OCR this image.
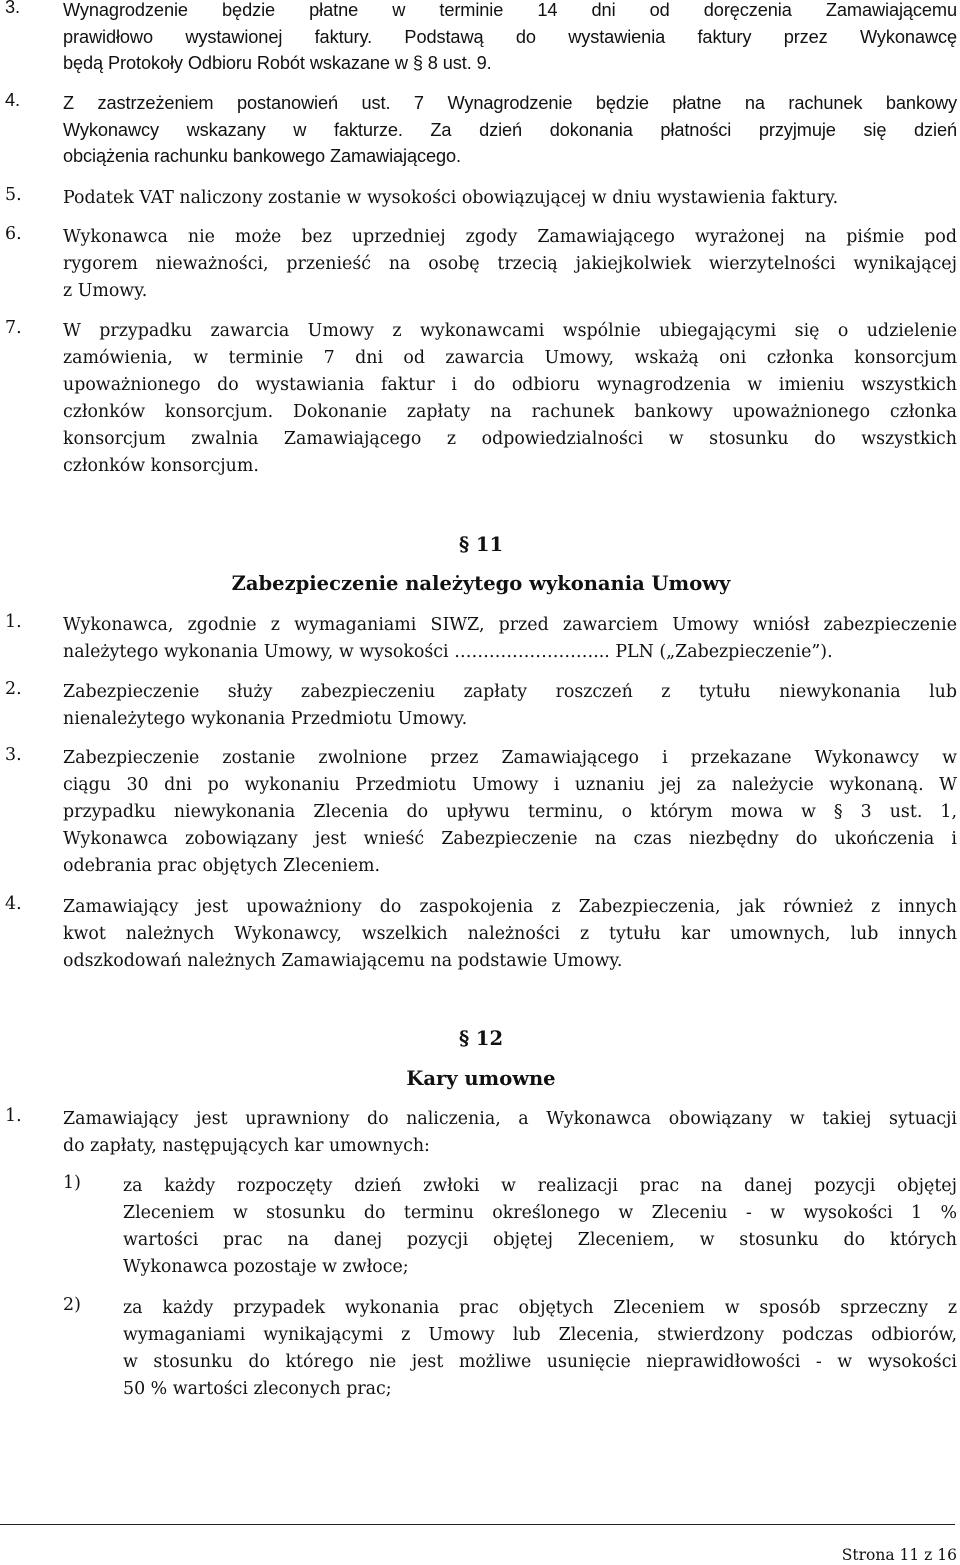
3.	Wynagrodzenie będzie płatne w terminie 14 dni od doręczenia Zamawiającemu
prawidłowo wystawionej faktury. Podstawą do wystawienia faktury przez Wykonawcę
będą Protokoły Odbioru Robót wskazane w § 8 ust. 9.
4.	Z zastrzeżeniem postanowień ust. 7 Wynagrodzenie będzie płatne na rachunek bankowy
Wykonawcy wskazany w fakturze. Za dzień dokonania płatności przyjmuje się dzień
obciążenia rachunku bankowego Zamawiającego.
5.	Podatek VAT naliczony zostanie w wysokości obowiązującej w dniu wystawienia faktury.
6.	Wykonawca nie może bez uprzedniej zgody Zamawiającego wyrażonej na piśmie pod
rygorem nieważności, przenieść na osobę trzecią jakiejkolwiek wierzytelności wynikającej
z Umowy.
7.	W przypadku zawarcia Umowy z wykonawcami wspólnie ubiegającymi się o udzielenie
zamówienia, w terminie 7 dni od zawarcia Umowy, wskażą oni członka konsorcjum
upoważnionego do wystawiania faktur i do odbioru wynagrodzenia w imieniu wszystkich
członków konsorcjum. Dokonanie zapłaty na rachunek bankowy upoważnionego członka
konsorcjum zwalnia Zamawiającego z odpowiedzialności w stosunku do wszystkich
członków konsorcjum.
§ 11
Zabezpieczenie należytego wykonania Umowy
1.	Wykonawca, zgodnie z wymaganiami SIWZ, przed zawarciem Umowy wniósł zabezpieczenie
należytego wykonania Umowy, w wysokości ……………………... PLN („Zabezpieczenie”).
2.	Zabezpieczenie służy zabezpieczeniu zapłaty roszczeń z tytułu niewykonania lub
nienależytego wykonania Przedmiotu Umowy.
3.	Zabezpieczenie zostanie zwolnione przez Zamawiającego i przekazane Wykonawcy w
ciągu 30 dni po wykonaniu Przedmiotu Umowy i uznaniu jej za należycie wykonaną. W
przypadku niewykonania Zlecenia do upływu terminu, o którym mowa w § 3 ust. 1,
Wykonawca zobowiązany jest wnieść Zabezpieczenie na czas niezbędny do ukończenia i
odebrania prac objętych Zleceniem.
4.	Zamawiający jest upoważniony do zaspokojenia z Zabezpieczenia, jak również z innych
kwot należnych Wykonawcy, wszelkich należności z tytułu kar umownych, lub innych
odszkodowań należnych Zamawiającemu na podstawie Umowy.
§ 12
Kary umowne
1.	Zamawiający jest uprawniony do naliczenia, a Wykonawca obowiązany w takiej sytuacji
do zapłaty, następujących kar umownych:
1)	za każdy rozpoczęty dzień zwłoki w realizacji prac na danej pozycji objętej
Zleceniem w stosunku do terminu określonego w Zleceniu - w wysokości 1 %
wartości prac na danej pozycji objętej Zleceniem, w stosunku do których
Wykonawca pozostaje w zwłoce;
2)	za każdy przypadek wykonania prac objętych Zleceniem w sposób sprzeczny z
wymaganiami wynikającymi z Umowy lub Zlecenia, stwierdzony podczas odbiorów,
w stosunku do którego nie jest możliwe usunięcie nieprawidłowości - w wysokości
50 % wartości zleconych prac;
Strona 11 z 16
